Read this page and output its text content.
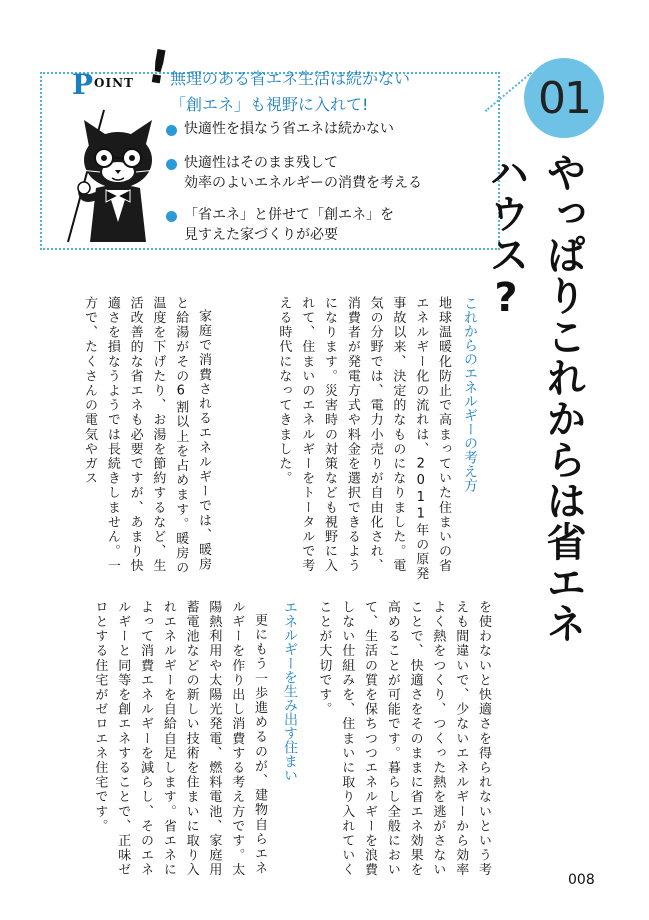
P OINT !
無理のある省エネ生活は続かない
「創エネ」も視野に入れて!
快適性を損なう省エネは続かない
快適性はそのまま残して
効率のよいエネルギーの消費を考える
「省エネ」と併せて「創エネ」を
見すえた家づくりが必要
01
やっぱりこれからは省エネハウス?
これからのエネルギーの考え方
地球温暖化防止で高まっていた住まいの省エネルギー化の流れは、2011年の原発事故以来、決定的なものになりました。電気の分野では、電力小売りが自由化され、消費者が発電方式や料金を選択できるようになります。災害時の対策なども視野に入れて、住まいのエネルギーをトータルで考える時代になってきました。
家庭で消費されるエネルギーでは、暖房と給湯がその6割以上を占めます。暖房の温度を下げたり、お湯を節約するなど、生活改善的な省エネも必要ですが、あまり快適さを損なうようでは長続きしません。一方で、たくさんの電気やガス
を使わないと快適さを得られないという考えも間違いで、少ないエネルギーから効率よく熱をつくり、つくった熱を逃がさないことで、快適さをそのままに省エネ効果を高めることが可能です。暮らし全般において、生活の質を保ちつつエネルギーを浪費しない仕組みを、住まいに取り入れていくことが大切です。
エネルギーを生み出す住まい
更にもう一歩進めるのが、建物自らエネルギーを作り出し消費する考え方です。太陽熱利用や太陽光発電、燃料電池、家庭用蓄電池などの新しい技術を住まいに取り入れエネルギーを自給自足します。省エネによって消費エネルギーを減らし、そのエネルギーと同等を創エネすることで、正味ゼロとする住宅がゼロエネ住宅です。
008
